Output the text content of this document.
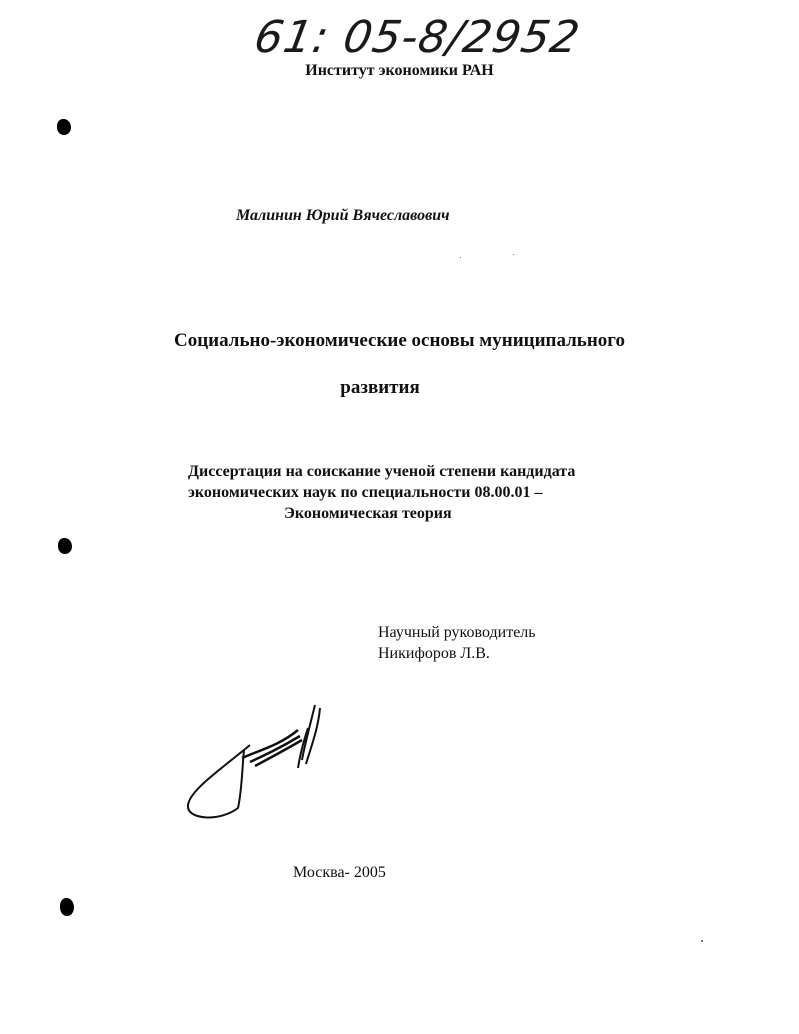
61: 05-8/2952
Институт экономики РАН
Малинин Юрий Вячеславович
Социально-экономические основы муниципального
развития
Диссертация на соискание ученой степени кандидата
экономических наук по специальности 08.00.01 –
Экономическая теория
Научный руководитель
Никифоров Л.В.
Москва- 2005
